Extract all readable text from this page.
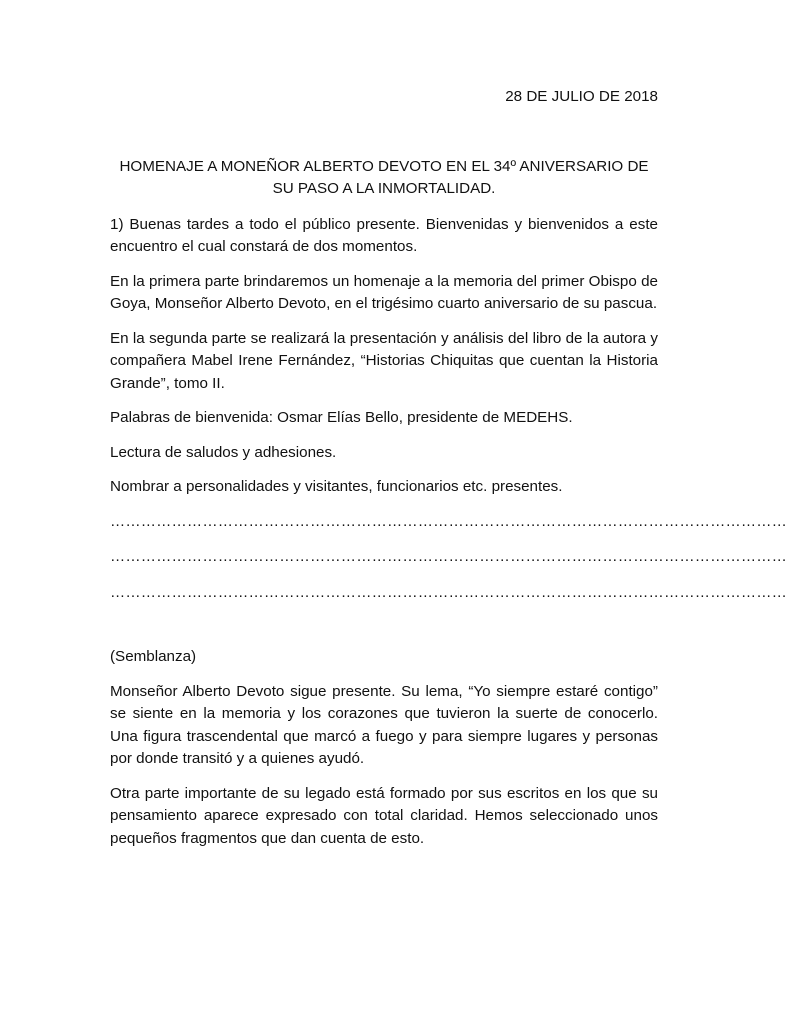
28 DE JULIO DE 2018

HOMENAJE A MONEÑOR ALBERTO DEVOTO EN EL 34º ANIVERSARIO DE SU PASO A LA INMORTALIDAD.

1) Buenas tardes a todo el público presente. Bienvenidas y bienvenidos a este encuentro el cual constará de dos momentos.

En la primera parte brindaremos un homenaje a la memoria del primer Obispo de Goya, Monseñor Alberto Devoto, en el trigésimo cuarto aniversario de su pascua.

En la segunda parte se realizará la presentación y análisis del libro de la autora y compañera Mabel Irene Fernández, “Historias Chiquitas que cuentan la Historia Grande”, tomo II.

Palabras de bienvenida: Osmar Elías Bello, presidente de MEDEHS.

Lectura de saludos y adhesiones.

Nombrar a personalidades y visitantes, funcionarios etc. presentes.

……………………………………………………………………………………………………………………
……………………………………………………………………………………………………………………
……………………………………………………………………………………………………………………

(Semblanza)

Monseñor Alberto Devoto sigue presente. Su lema, “Yo siempre estaré contigo” se siente en la memoria y los corazones que tuvieron la suerte de conocerlo. Una figura trascendental que marcó a fuego y para siempre lugares y personas por donde transitó y a quienes ayudó.

Otra parte importante de su legado está formado por sus escritos en los que su pensamiento aparece expresado con total claridad. Hemos seleccionado unos pequeños fragmentos que dan cuenta de esto.
